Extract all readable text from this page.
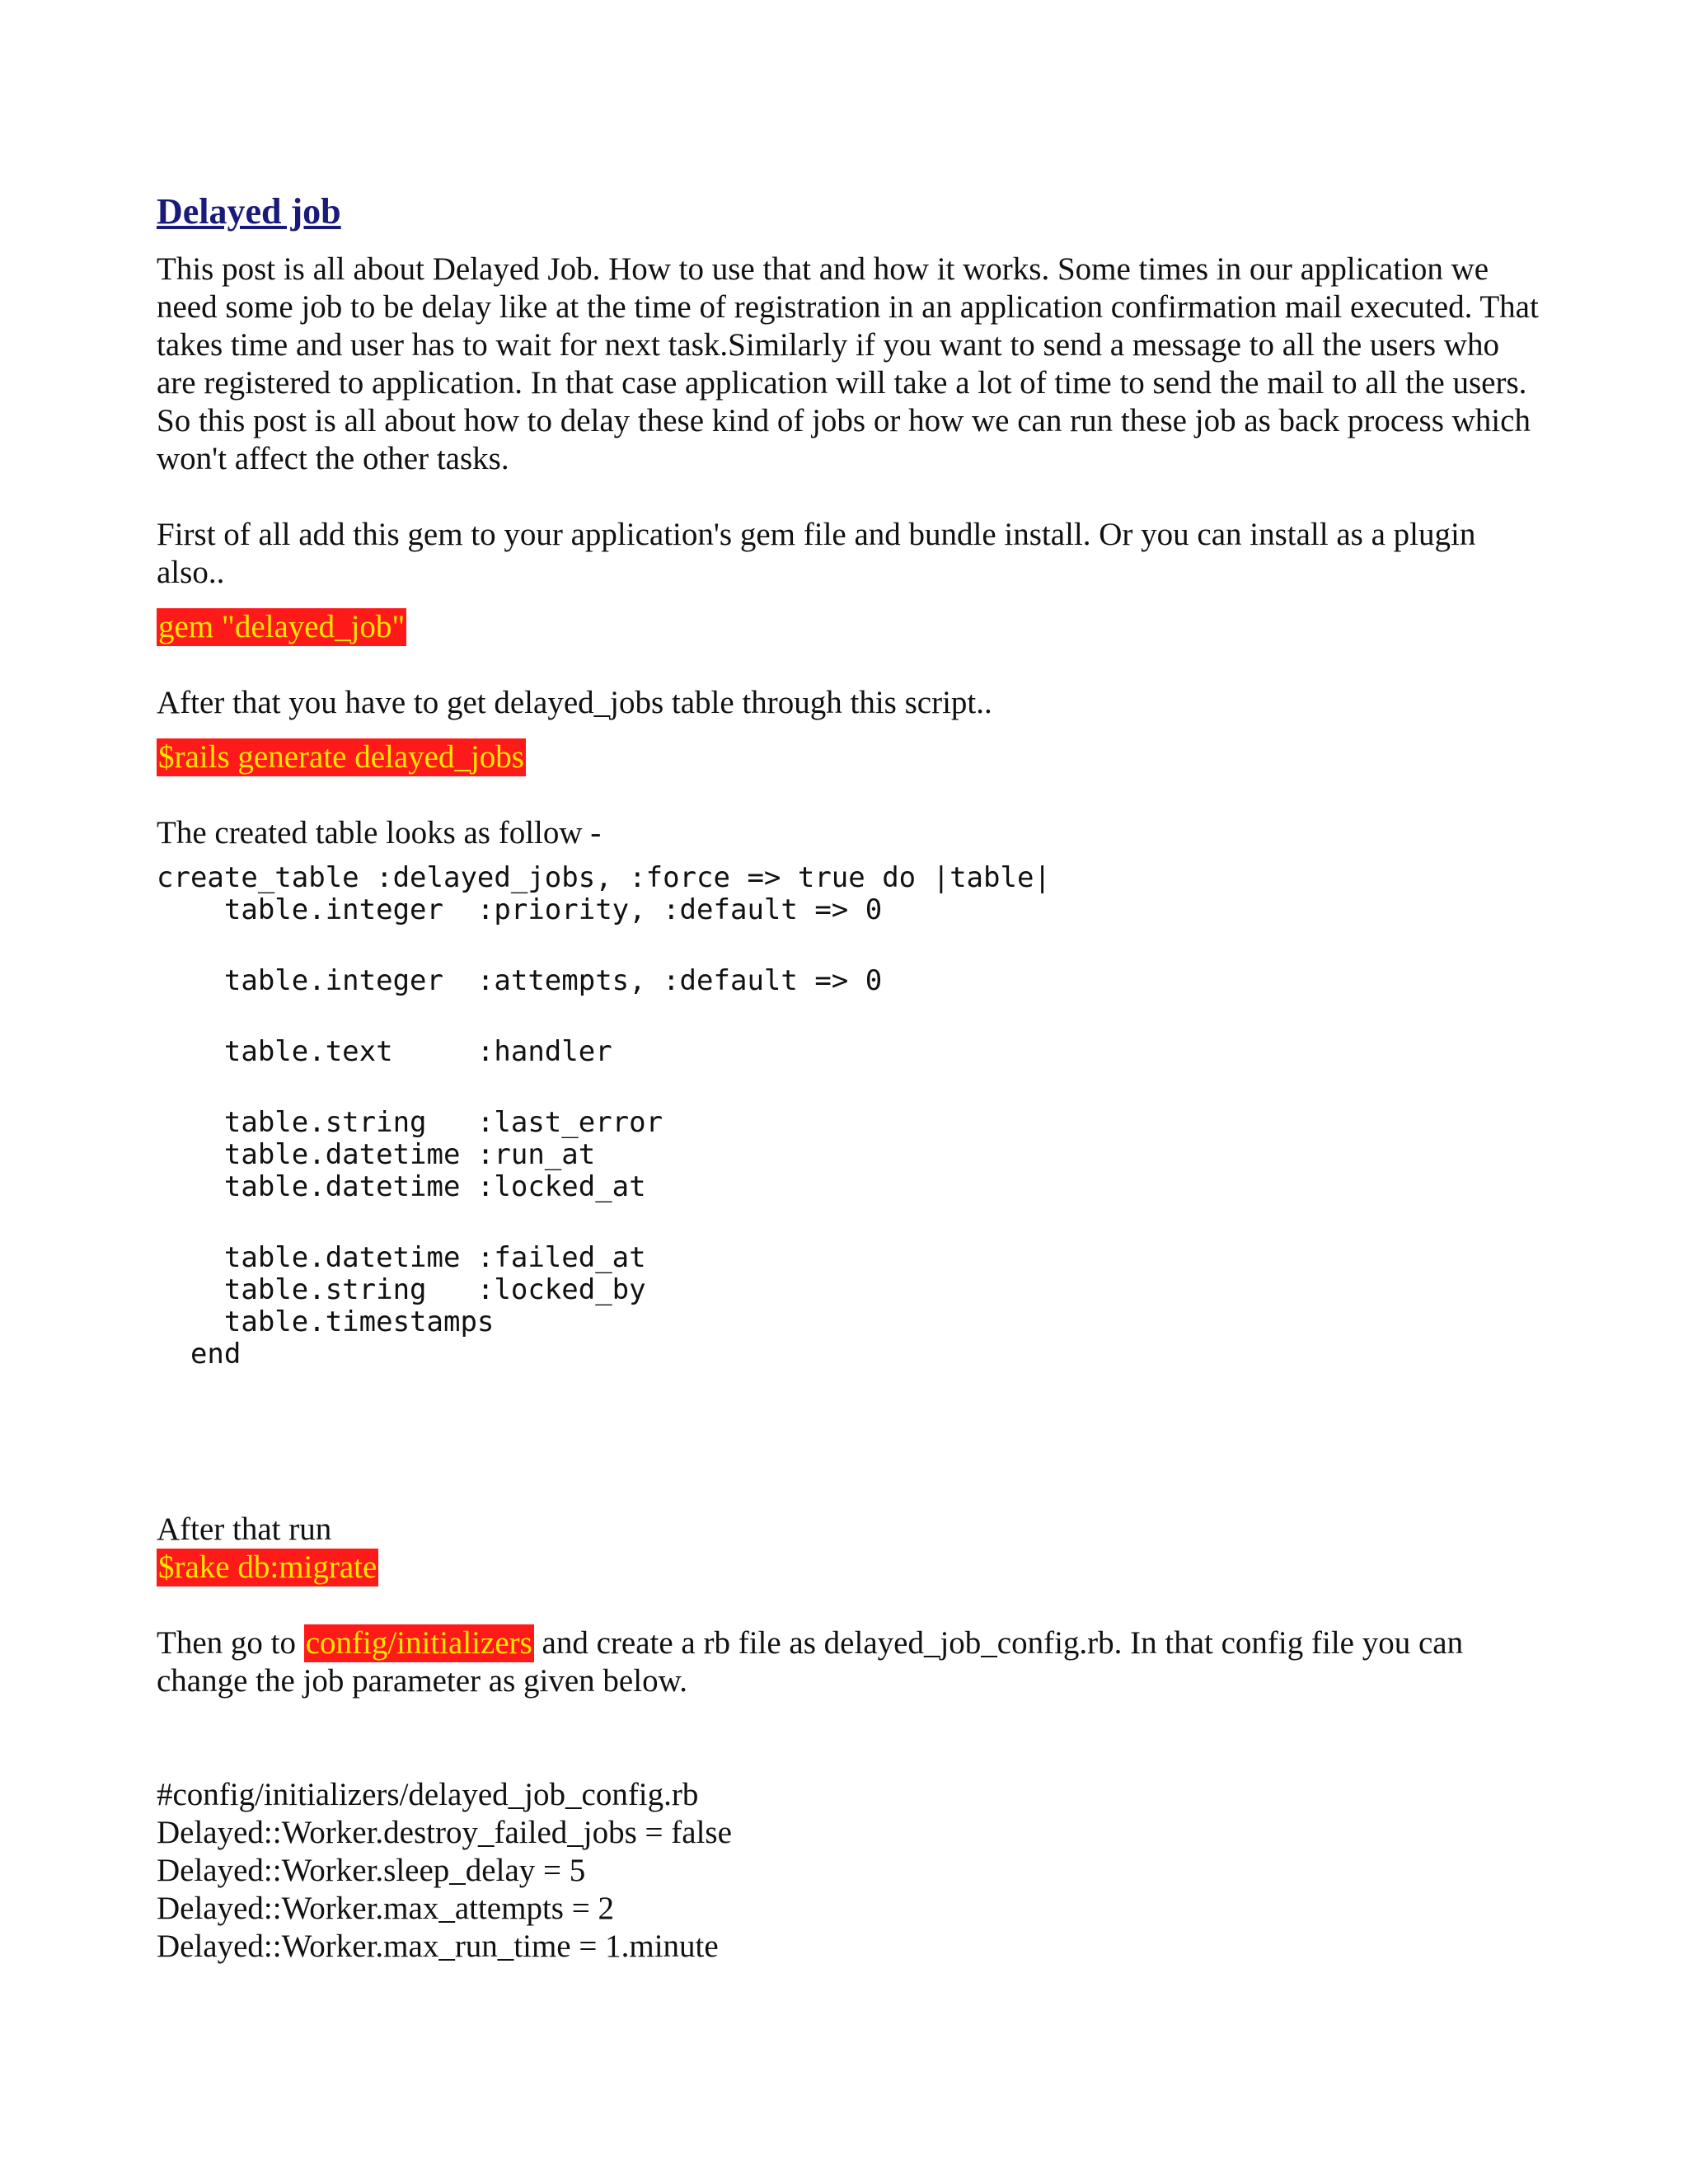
Delayed job

This post is all about Delayed Job. How to use that and how it works. Some times in our application we need some job to be delay like at the time of registration in an application confirmation mail executed. That takes time and user has to wait for next task.Similarly if you want to send a message to all the users who are registered to application. In that case application will take a lot of time to send the mail to all the users. So this post is all about how to delay these kind of jobs or how we can run these job as back process which won't affect the other tasks.

First of all add this gem to your application's gem file and bundle install. Or you can install as a plugin also..

gem "delayed_job"

After that you have to get delayed_jobs table through this script..

$rails generate delayed_jobs

The created table looks as follow -

create_table :delayed_jobs, :force => true do |table|
table.integer  :priority, :default => 0
table.integer  :attempts, :default => 0
table.text     :handler
table.string   :last_error
table.datetime :run_at
table.datetime :locked_at
table.datetime :failed_at
table.string   :locked_by
table.timestamps
end

After that run

$rake db:migrate

Then go to config/initializers and create a rb file as delayed_job_config.rb. In that config file you can change the job parameter as given below.

#config/initializers/delayed_job_config.rb

Delayed::Worker.destroy_failed_jobs = false

Delayed::Worker.sleep_delay = 5

Delayed::Worker.max_attempts = 2

Delayed::Worker.max_run_time = 1.minute
